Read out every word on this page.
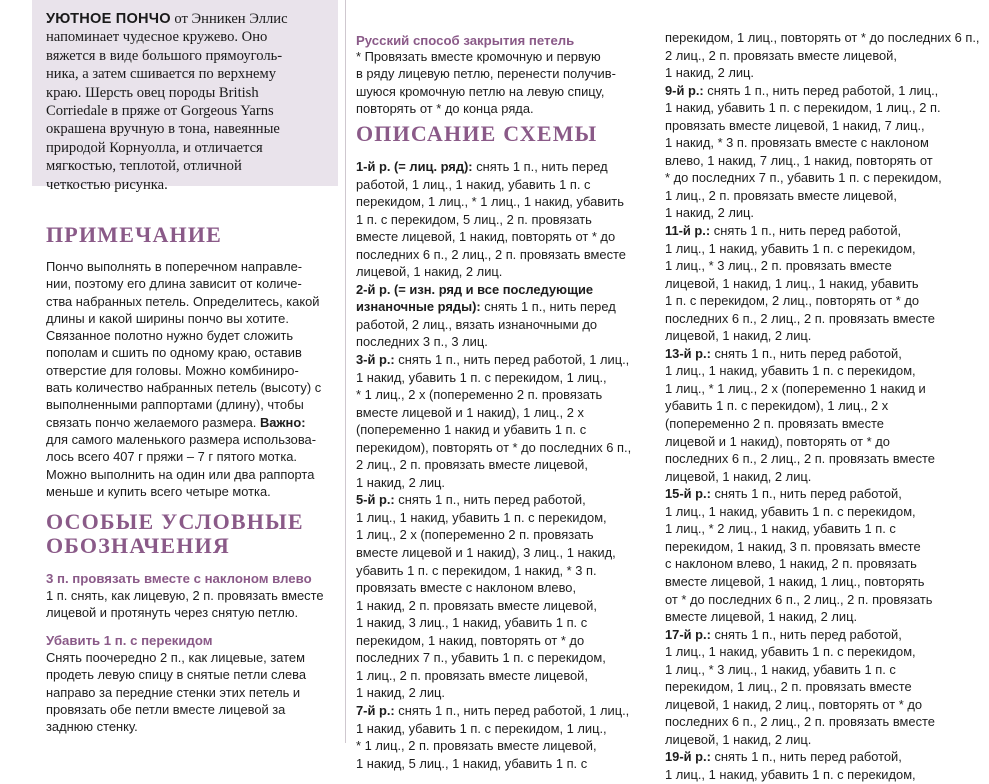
УЮТНОЕ ПОНЧО от Энникен Эллис
напоминает чудесное кружево. Оно
вяжется в виде большого прямоуголь-
ника, а затем сшивается по верхнему
краю. Шерсть овец породы British
Corriedale в пряже от Gorgeous Yarns
окрашена вручную в тона, навеянные
природой Корнуолла, и отличается
мягкостью, теплотой, отличной
четкостью рисунка.
ПРИМЕЧАНИЕ
Пончо выполнять в поперечном направле-
нии, поэтому его длина зависит от количе-
ства набранных петель. Определитесь, какой
длины и какой ширины пончо вы хотите.
Связанное полотно нужно будет сложить
пополам и сшить по одному краю, оставив
отверстие для головы. Можно комбиниро-
вать количество набранных петель (высоту) с
выполненными раппортами (длину), чтобы
связать пончо желаемого размера. Важно:
для самого маленького размера использова-
лось всего 407 г пряжи – 7 г пятого мотка.
Можно выполнить на один или два раппорта
меньше и купить всего четыре мотка.
ОСОБЫЕ УСЛОВНЫЕ
ОБОЗНАЧЕНИЯ
3 п. провязать вместе с наклоном влево
1 п. снять, как лицевую, 2 п. провязать вместе
лицевой и протянуть через снятую петлю.
Убавить 1 п. с перекидом
Снять поочередно 2 п., как лицевые, затем
продеть левую спицу в снятые петли слева
направо за передние стенки этих петель и
провязать обе петли вместе лицевой за
заднюю стенку.
Русский способ закрытия петель
* Провязать вместе кромочную и первую
в ряду лицевую петлю, перенести получив-
шуюся кромочную петлю на левую спицу,
повторять от * до конца ряда.
ОПИСАНИЕ СХЕМЫ
1-й р. (= лиц. ряд): снять 1 п., нить перед
работой, 1 лиц., 1 накид, убавить 1 п. с
перекидом, 1 лиц., * 1 лиц., 1 накид, убавить
1 п. с перекидом, 5 лиц., 2 п. провязать
вместе лицевой, 1 накид, повторять от * до
последних 6 п., 2 лиц., 2 п. провязать вместе
лицевой, 1 накид, 2 лиц.
2-й р. (= изн. ряд и все последующие
изнаночные ряды): снять 1 п., нить перед
работой, 2 лиц., вязать изнаночными до
последних 3 п., 3 лиц.
3-й р.: снять 1 п., нить перед работой, 1 лиц.,
1 накид, убавить 1 п. с перекидом, 1 лиц.,
* 1 лиц., 2 х (попеременно 2 п. провязать
вместе лицевой и 1 накид), 1 лиц., 2 х
(попеременно 1 накид и убавить 1 п. с
перекидом), повторять от * до последних 6 п.,
2 лиц., 2 п. провязать вместе лицевой,
1 накид, 2 лиц.
5-й р.: снять 1 п., нить перед работой,
1 лиц., 1 накид, убавить 1 п. с перекидом,
1 лиц., 2 х (попеременно 2 п. провязать
вместе лицевой и 1 накид), 3 лиц., 1 накид,
убавить 1 п. с перекидом, 1 накид, * 3 п.
провязать вместе с наклоном влево,
1 накид, 2 п. провязать вместе лицевой,
1 накид, 3 лиц., 1 накид, убавить 1 п. с
перекидом, 1 накид, повторять от * до
последних 7 п., убавить 1 п. с перекидом,
1 лиц., 2 п. провязать вместе лицевой,
1 накид, 2 лиц.
7-й р.: снять 1 п., нить перед работой, 1 лиц.,
1 накид, убавить 1 п. с перекидом, 1 лиц.,
* 1 лиц., 2 п. провязать вместе лицевой,
1 накид, 5 лиц., 1 накид, убавить 1 п. с
перекидом, 1 лиц., повторять от * до последних 6 п.,
2 лиц., 2 п. провязать вместе лицевой,
1 накид, 2 лиц.
9-й р.: снять 1 п., нить перед работой, 1 лиц.,
1 накид, убавить 1 п. с перекидом, 1 лиц., 2 п.
провязать вместе лицевой, 1 накид, 7 лиц.,
1 накид, * 3 п. провязать вместе с наклоном
влево, 1 накид, 7 лиц., 1 накид, повторять от
* до последних 7 п., убавить 1 п. с перекидом,
1 лиц., 2 п. провязать вместе лицевой,
1 накид, 2 лиц.
11-й р.: снять 1 п., нить перед работой,
1 лиц., 1 накид, убавить 1 п. с перекидом,
1 лиц., * 3 лиц., 2 п. провязать вместе
лицевой, 1 накид, 1 лиц., 1 накид, убавить
1 п. с перекидом, 2 лиц., повторять от * до
последних 6 п., 2 лиц., 2 п. провязать вместе
лицевой, 1 накид, 2 лиц.
13-й р.: снять 1 п., нить перед работой,
1 лиц., 1 накид, убавить 1 п. с перекидом,
1 лиц., * 1 лиц., 2 х (попеременно 1 накид и
убавить 1 п. с перекидом), 1 лиц., 2 х
(попеременно 2 п. провязать вместе
лицевой и 1 накид), повторять от * до
последних 6 п., 2 лиц., 2 п. провязать вместе
лицевой, 1 накид, 2 лиц.
15-й р.: снять 1 п., нить перед работой,
1 лиц., 1 накид, убавить 1 п. с перекидом,
1 лиц., * 2 лиц., 1 накид, убавить 1 п. с
перекидом, 1 накид, 3 п. провязать вместе
с наклоном влево, 1 накид, 2 п. провязать
вместе лицевой, 1 накид, 1 лиц., повторять
от * до последних 6 п., 2 лиц., 2 п. провязать
вместе лицевой, 1 накид, 2 лиц.
17-й р.: снять 1 п., нить перед работой,
1 лиц., 1 накид, убавить 1 п. с перекидом,
1 лиц., * 3 лиц., 1 накид, убавить 1 п. с
перекидом, 1 лиц., 2 п. провязать вместе
лицевой, 1 накид, 2 лиц., повторять от * до
последних 6 п., 2 лиц., 2 п. провязать вместе
лицевой, 1 накид, 2 лиц.
19-й р.: снять 1 п., нить перед работой,
1 лиц., 1 накид, убавить 1 п. с перекидом,
